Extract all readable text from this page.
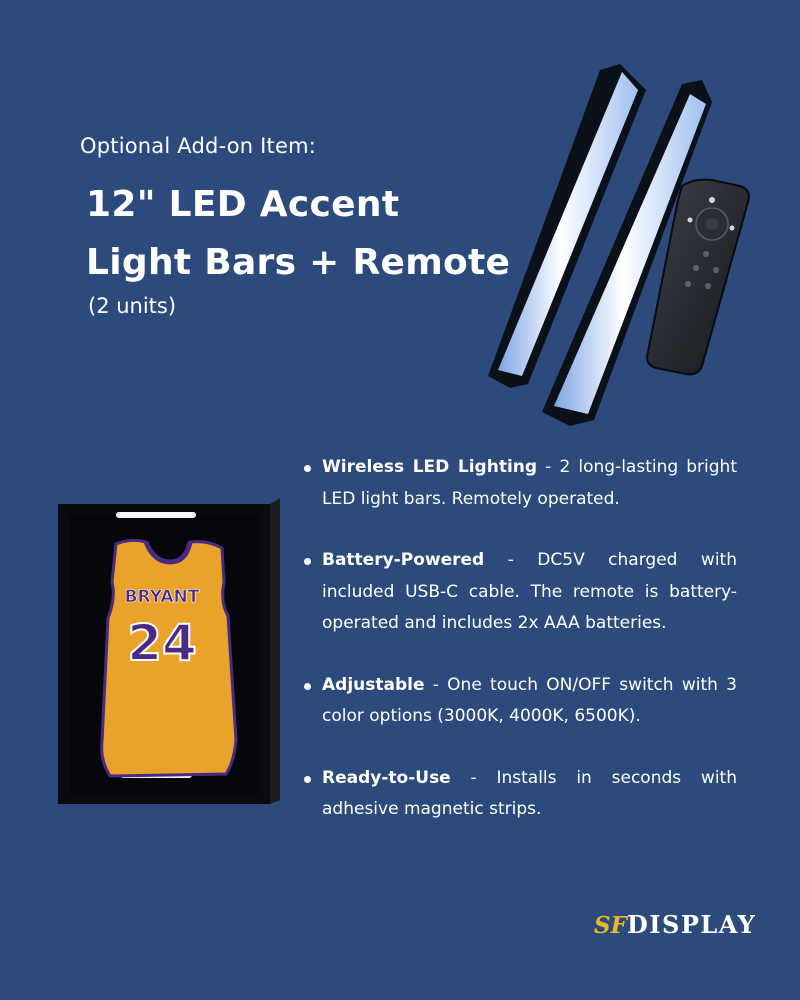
Optional Add-on Item:
12" LED Accent
Light Bars + Remote
(2 units)
BRYANT
24
Wireless LED Lighting - 2 long-lasting bright LED light bars. Remotely operated.
Battery-Powered - DC5V charged with included USB-C cable. The remote is battery-operated and includes 2x AAA batteries.
Adjustable - One touch ON/OFF switch with 3 color options (3000K, 4000K, 6500K).
Ready-to-Use - Installs in seconds with adhesive magnetic strips.
SFDISPLAY
